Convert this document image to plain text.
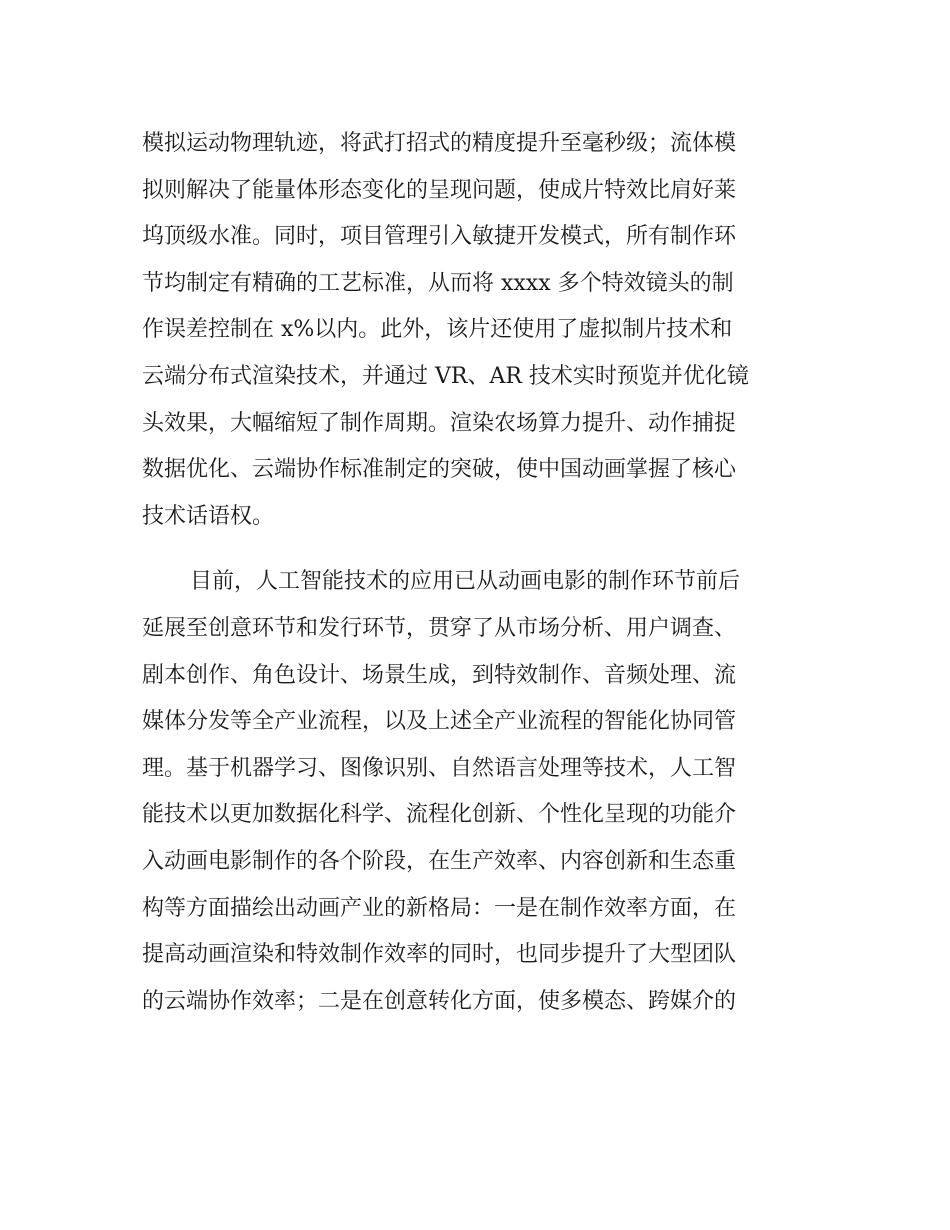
模拟运动物理轨迹，将武打招式的精度提升至毫秒级；流体模
拟则解决了能量体形态变化的呈现问题，使成片特效比肩好莱
坞顶级水准。同时，项目管理引入敏捷开发模式，所有制作环
节均制定有精确的工艺标准，从而将 xxxx 多个特效镜头的制
作误差控制在 x%以内。此外，该片还使用了虚拟制片技术和
云端分布式渲染技术，并通过 VR、AR 技术实时预览并优化镜
头效果，大幅缩短了制作周期。渲染农场算力提升、动作捕捉
数据优化、云端协作标准制定的突破，使中国动画掌握了核心
技术话语权。
目前，人工智能技术的应用已从动画电影的制作环节前后
延展至创意环节和发行环节，贯穿了从市场分析、用户调查、
剧本创作、角色设计、场景生成，到特效制作、音频处理、流
媒体分发等全产业流程，以及上述全产业流程的智能化协同管
理。基于机器学习、图像识别、自然语言处理等技术，人工智
能技术以更加数据化科学、流程化创新、个性化呈现的功能介
入动画电影制作的各个阶段，在生产效率、内容创新和生态重
构等方面描绘出动画产业的新格局：一是在制作效率方面，在
提高动画渲染和特效制作效率的同时，也同步提升了大型团队
的云端协作效率；二是在创意转化方面，使多模态、跨媒介的
